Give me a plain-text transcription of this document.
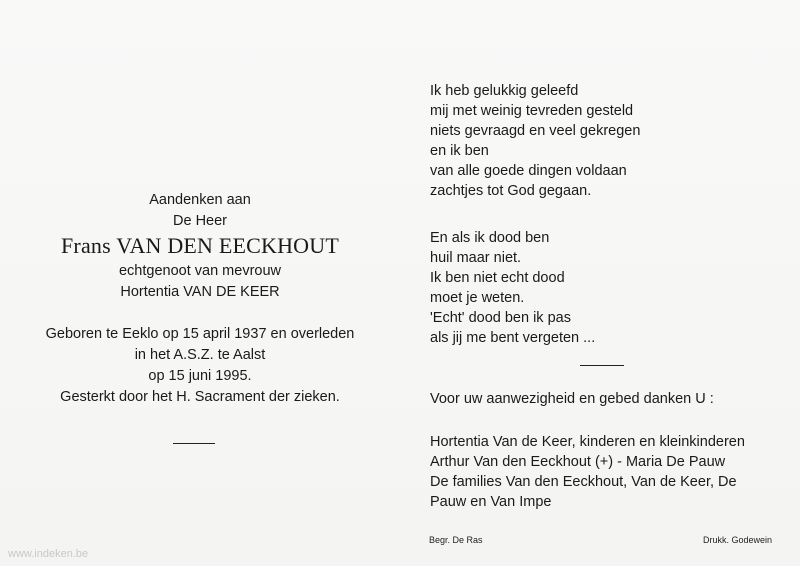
Aandenken aan
De Heer
Frans VAN DEN EECKHOUT
echtgenoot van mevrouw
Hortentia VAN DE KEER
Geboren te Eeklo op 15 april 1937 en overleden
in het A.S.Z. te Aalst
op 15 juni 1995.
Gesterkt door het H. Sacrament der zieken.
Ik heb gelukkig geleefd
mij met weinig tevreden gesteld
niets gevraagd en veel gekregen
en ik ben
van alle goede dingen voldaan
zachtjes tot God gegaan.
En als ik dood ben
huil maar niet.
Ik ben niet echt dood
moet je weten.
'Echt' dood ben ik pas
als jij me bent vergeten ...
Voor uw aanwezigheid en gebed danken U :
Hortentia Van de Keer, kinderen en kleinkinderen
Arthur Van den Eeckhout (+) - Maria De Pauw
De families Van den Eeckhout, Van de Keer, De
Pauw en Van Impe
Begr. De Ras	Drukk. Godewein
www.indeken.be
